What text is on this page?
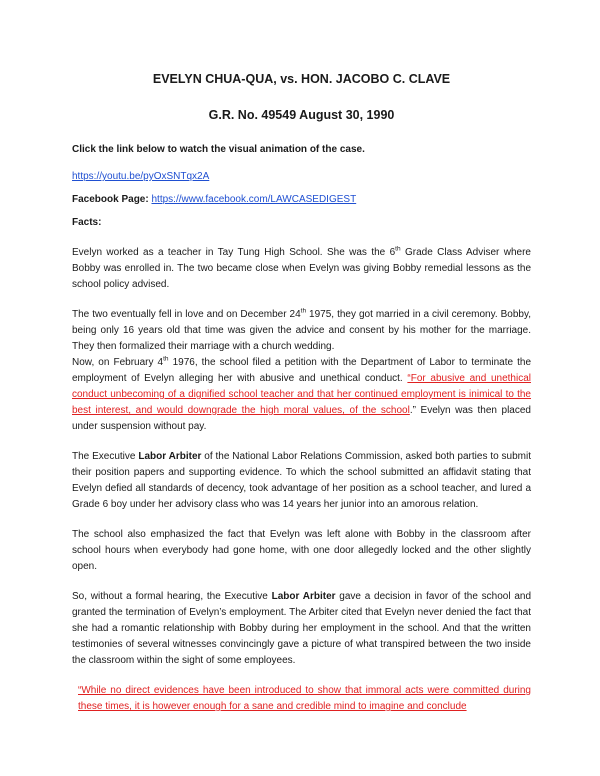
EVELYN CHUA-QUA, vs. HON. JACOBO C. CLAVE
G.R. No. 49549 August 30, 1990
Click the link below to watch the visual animation of the case.

https://youtu.be/pyOxSNTqx2A

Facebook Page: https://www.facebook.com/LAWCASEDIGEST

Facts:

Evelyn worked as a teacher in Tay Tung High School. She was the 6th Grade Class Adviser where Bobby was enrolled in. The two became close when Evelyn was giving Bobby remedial lessons as the school policy advised.

The two eventually fell in love and on December 24th 1975, they got married in a civil ceremony. Bobby, being only 16 years old that time was given the advice and consent by his mother for the marriage. They then formalized their marriage with a church wedding.

Now, on February 4th 1976, the school filed a petition with the Department of Labor to terminate the employment of Evelyn alleging her with abusive and unethical conduct. “For abusive and unethical conduct unbecoming of a dignified school teacher and that her continued employment is inimical to the best interest, and would downgrade the high moral values, of the school.” Evelyn was then placed under suspension without pay.

The Executive Labor Arbiter of the National Labor Relations Commission, asked both parties to submit their position papers and supporting evidence. To which the school submitted an affidavit stating that Evelyn defied all standards of decency, took advantage of her position as a school teacher, and lured a Grade 6 boy under her advisory class who was 14 years her junior into an amorous relation.

The school also emphasized the fact that Evelyn was left alone with Bobby in the classroom after school hours when everybody had gone home, with one door allegedly locked and the other slightly open.

So, without a formal hearing, the Executive Labor Arbiter gave a decision in favor of the school and granted the termination of Evelyn’s employment. The Arbiter cited that Evelyn never denied the fact that she had a romantic relationship with Bobby during her employment in the school. And that the written testimonies of several witnesses convincingly gave a picture of what transpired between the two inside the classroom within the sight of some employees.

“While no direct evidences have been introduced to show that immoral acts were committed during these times, it is however enough for a sane and credible mind to imagine and conclude
